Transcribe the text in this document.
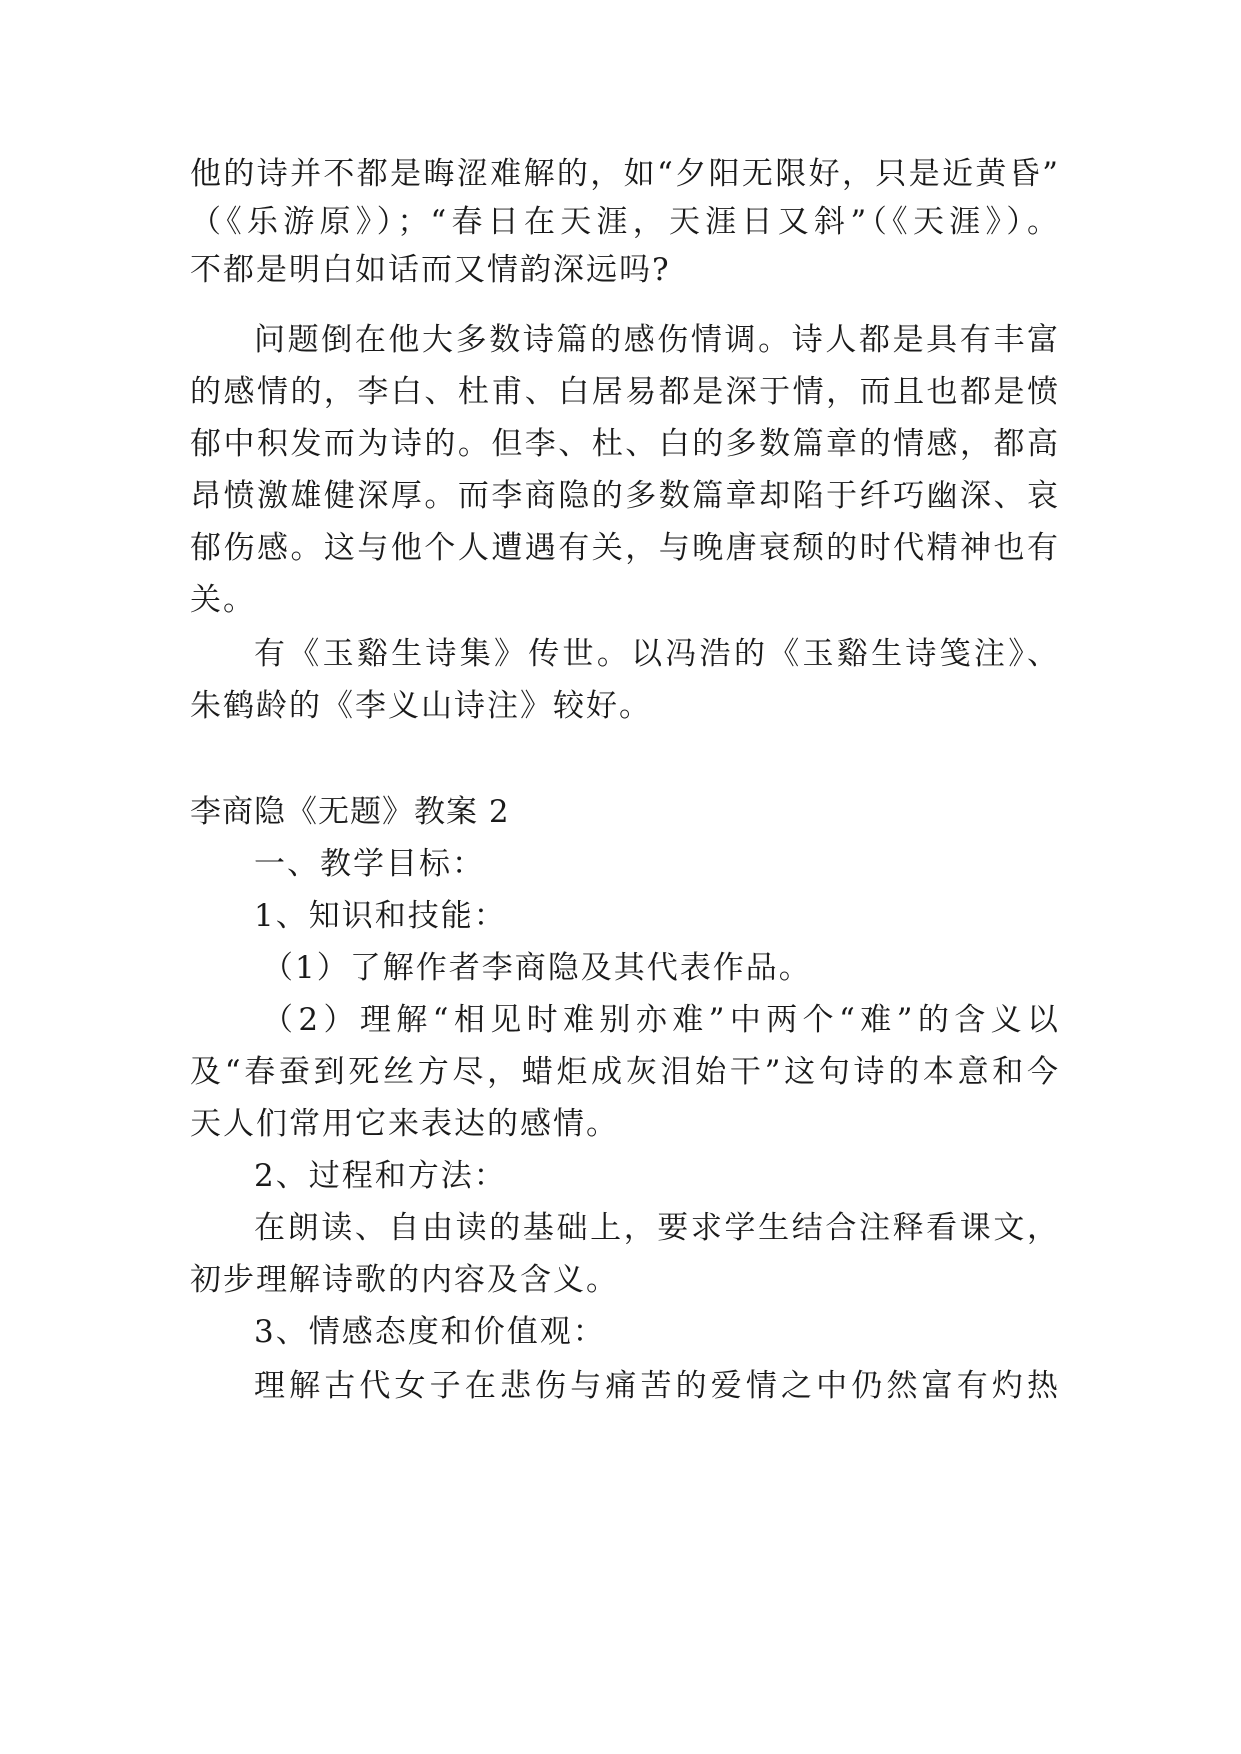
他的诗并不都是晦涩难解的，如“夕阳无限好，只是近黄昏”
（《乐游原》）；“春日在天涯，天涯日又斜”（《天涯》）。
不都是明白如话而又情韵深远吗?
问题倒在他大多数诗篇的感伤情调。诗人都是具有丰富
的感情的，李白、杜甫、白居易都是深于情，而且也都是愤
郁中积发而为诗的。但李、杜、白的多数篇章的情感，都高
昂愤激雄健深厚。而李商隐的多数篇章却陷于纤巧幽深、哀
郁伤感。这与他个人遭遇有关，与晚唐衰颓的时代精神也有
关。
有《玉谿生诗集》传世。以冯浩的《玉谿生诗笺注》、
朱鹤龄的《李义山诗注》较好。
李商隐《无题》教案 2
一、教学目标：
1、知识和技能：
（1）了解作者李商隐及其代表作品。
（2）理解“相见时难别亦难”中两个“难”的含义以
及“春蚕到死丝方尽，蜡炬成灰泪始干”这句诗的本意和今
天人们常用它来表达的感情。
2、过程和方法：
在朗读、自由读的基础上，要求学生结合注释看课文，
初步理解诗歌的内容及含义。
3、情感态度和价值观：
理解古代女子在悲伤与痛苦的爱情之中仍然富有灼热
